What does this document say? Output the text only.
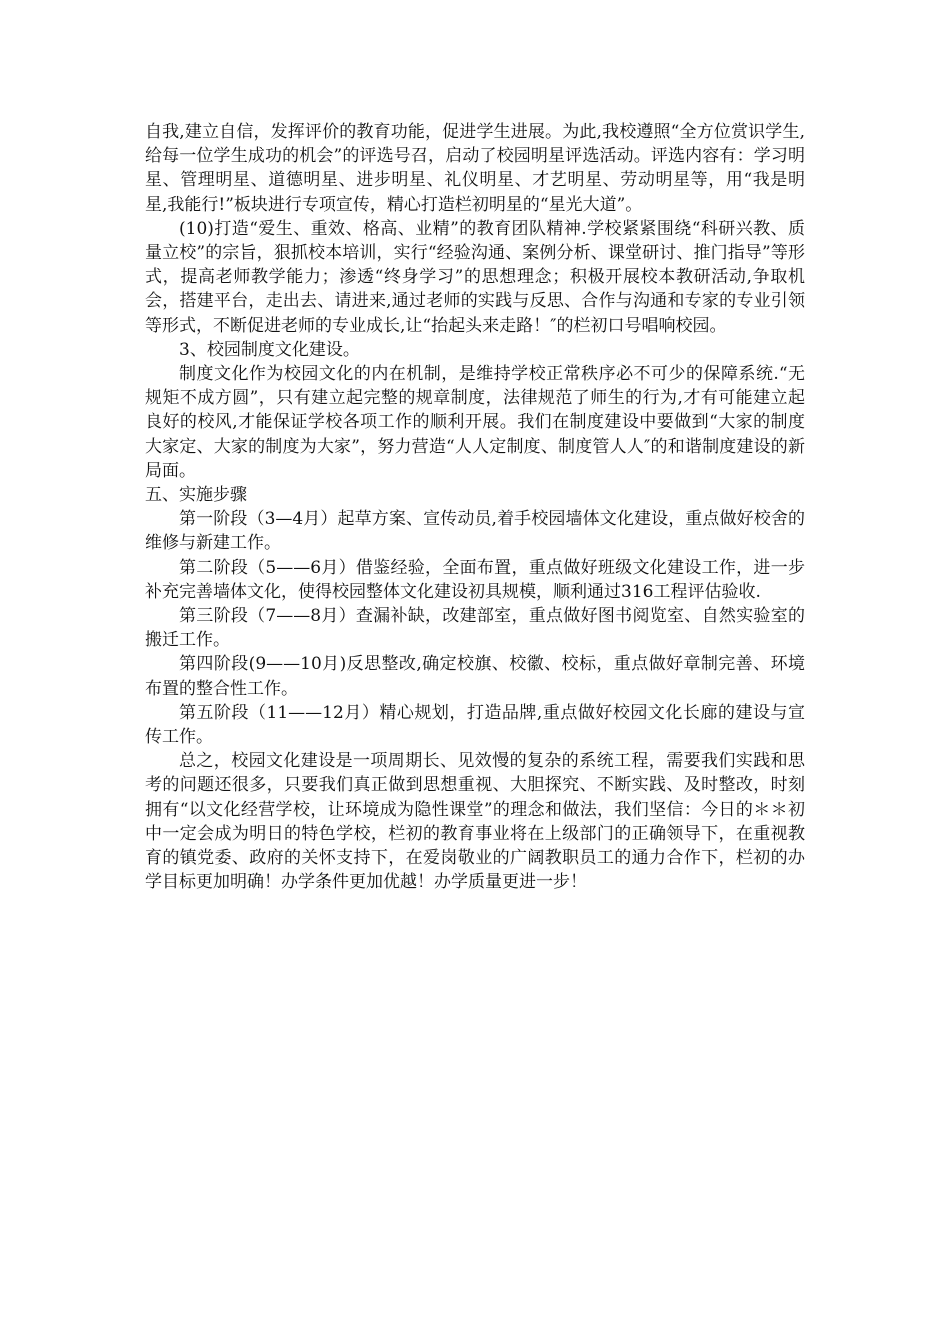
自我,建立自信，发挥评价的教育功能，促进学生进展。为此,我校遵照“全方位赏识学生,给每一位学生成功的机会”的评选号召，启动了校园明星评选活动。评选内容有：学习明星、管理明星、道德明星、进步明星、礼仪明星、才艺明星、劳动明星等，用“我是明星,我能行!”板块进行专项宣传，精心打造栏初明星的“星光大道”。

(10)打造“爱生、重效、格高、业精”的教育团队精神.学校紧紧围绕“科研兴教、质量立校”的宗旨，狠抓校本培训，实行“经验沟通、案例分析、课堂研讨、推门指导”等形式，提高老师教学能力；渗透“终身学习”的思想理念；积极开展校本教研活动,争取机会，搭建平台，走出去、请进来,通过老师的实践与反思、合作与沟通和专家的专业引领等形式，不断促进老师的专业成长,让“抬起头来走路！″的栏初口号唱响校园。

3、校园制度文化建设。

制度文化作为校园文化的内在机制，是维持学校正常秩序必不可少的保障系统.“无规矩不成方圆”，只有建立起完整的规章制度，法律规范了师生的行为,才有可能建立起良好的校风,才能保证学校各项工作的顺利开展。我们在制度建设中要做到“大家的制度大家定、大家的制度为大家”，努力营造“人人定制度、制度管人人″的和谐制度建设的新局面。

五、实施步骤

第一阶段（3—4月）起草方案、宣传动员,着手校园墙体文化建设，重点做好校舍的维修与新建工作。

第二阶段（5——6月）借鉴经验，全面布置，重点做好班级文化建设工作，进一步补充完善墙体文化，使得校园整体文化建设初具规模，顺利通过316工程评估验收.

第三阶段（7——8月）查漏补缺，改建部室，重点做好图书阅览室、自然实验室的搬迁工作。

第四阶段(9——10月)反思整改,确定校旗、校徽、校标，重点做好章制完善、环境布置的整合性工作。

第五阶段（11——12月）精心规划，打造品牌,重点做好校园文化长廊的建设与宣传工作。

总之，校园文化建设是一项周期长、见效慢的复杂的系统工程，需要我们实践和思考的问题还很多，只要我们真正做到思想重视、大胆探究、不断实践、及时整改，时刻拥有“以文化经营学校，让环境成为隐性课堂”的理念和做法，我们坚信：今日的＊＊初中一定会成为明日的特色学校，栏初的教育事业将在上级部门的正确领导下，在重视教育的镇党委、政府的关怀支持下，在爱岗敬业的广阔教职员工的通力合作下，栏初的办学目标更加明确！办学条件更加优越！办学质量更进一步！
